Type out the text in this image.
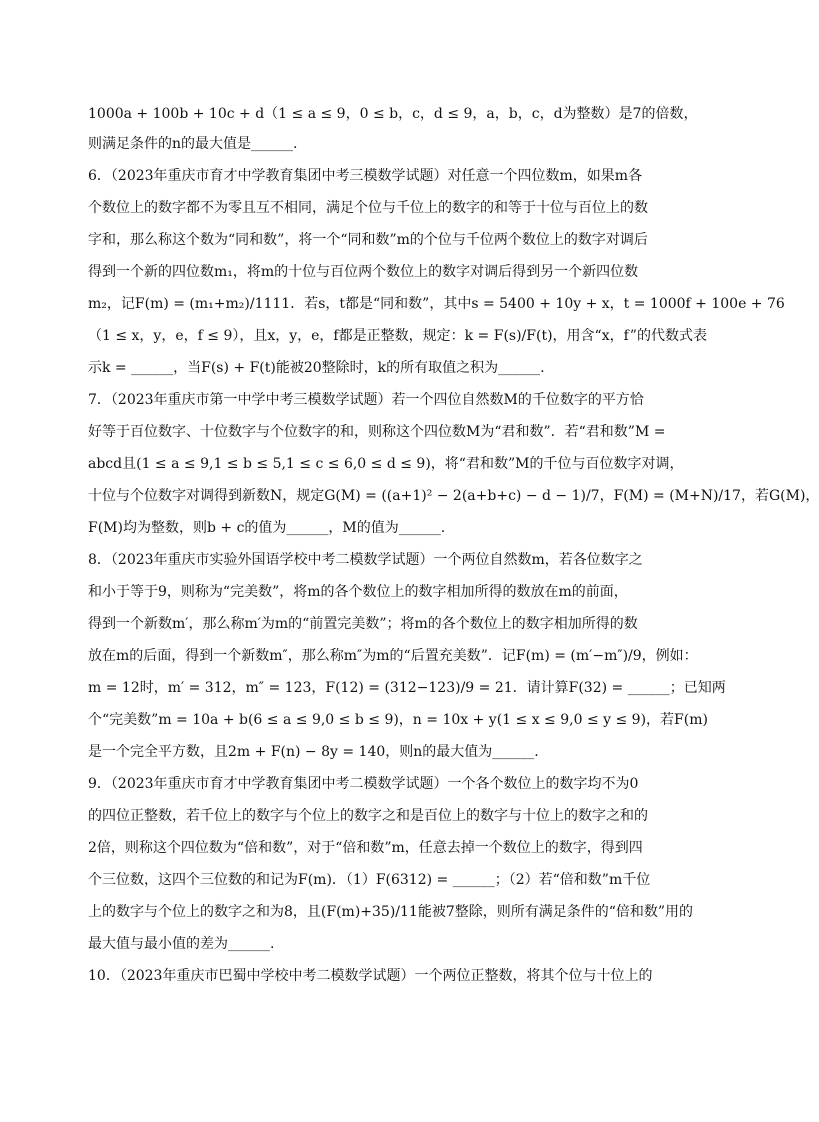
1000a + 100b + 10c + d（1 ≤ a ≤ 9，0 ≤ b，c，d ≤ 9，a，b，c，d为整数）是7的倍数，
则满足条件的n的最大值是______.
6．（2023年重庆市育才中学教育集团中考三模数学试题）对任意一个四位数m，如果m各
个数位上的数字都不为零且互不相同，满足个位与千位上的数字的和等于十位与百位上的数
字和，那么称这个数为“同和数”，将一个“同和数”m的个位与千位两个数位上的数字对调后
得到一个新的四位数m₁，将m的十位与百位两个数位上的数字对调后得到另一个新四位数
m₂，记F(m) = (m₁+m₂)/1111．若s，t都是“同和数”，其中s = 5400 + 10y + x，t = 1000f + 100e + 76
（1 ≤ x，y，e，f ≤ 9），且x，y，e，f都是正整数，规定：k = F(s)/F(t)，用含“x，f”的代数式表
示k = ______，当F(s) + F(t)能被20整除时，k的所有取值之积为______.
7．（2023年重庆市第一中学中考三模数学试题）若一个四位自然数M的千位数字的平方恰
好等于百位数字、十位数字与个位数字的和，则称这个四位数M为“君和数”．若“君和数”M =
abcd且(1 ≤ a ≤ 9,1 ≤ b ≤ 5,1 ≤ c ≤ 6,0 ≤ d ≤ 9)，将“君和数”M的千位与百位数字对调，
十位与个位数字对调得到新数N，规定G(M) = ((a+1)² − 2(a+b+c) − d − 1)/7，F(M) = (M+N)/17，若G(M)，
F(M)均为整数，则b + c的值为______，M的值为______.
8．（2023年重庆市实验外国语学校中考二模数学试题）一个两位自然数m，若各位数字之
和小于等于9，则称为“完美数”，将m的各个数位上的数字相加所得的数放在m的前面，
得到一个新数m′，那么称m′为m的“前置完美数”；将m的各个数位上的数字相加所得的数
放在m的后面，得到一个新数m″，那么称m″为m的“后置充美数”．记F(m) = (m′−m″)/9，例如：
m = 12时，m′ = 312，m″ = 123，F(12) = (312−123)/9 = 21．请计算F(32) = ______；已知两
个“完美数”m = 10a + b(6 ≤ a ≤ 9,0 ≤ b ≤ 9)，n = 10x + y(1 ≤ x ≤ 9,0 ≤ y ≤ 9)，若F(m)
是一个完全平方数，且2m + F(n) − 8y = 140，则n的最大值为______.
9．（2023年重庆市育才中学教育集团中考二模数学试题）一个各个数位上的数字均不为0
的四位正整数，若千位上的数字与个位上的数字之和是百位上的数字与十位上的数字之和的
2倍，则称这个四位数为“倍和数”，对于“倍和数”m，任意去掉一个数位上的数字，得到四
个三位数，这四个三位数的和记为F(m)．（1）F(6312) = ______；（2）若“倍和数”m千位
上的数字与个位上的数字之和为8，且(F(m)+35)/11能被7整除，则所有满足条件的“倍和数”用的
最大值与最小值的差为______.
10．（2023年重庆市巴蜀中学校中考二模数学试题）一个两位正整数，将其个位与十位上的
